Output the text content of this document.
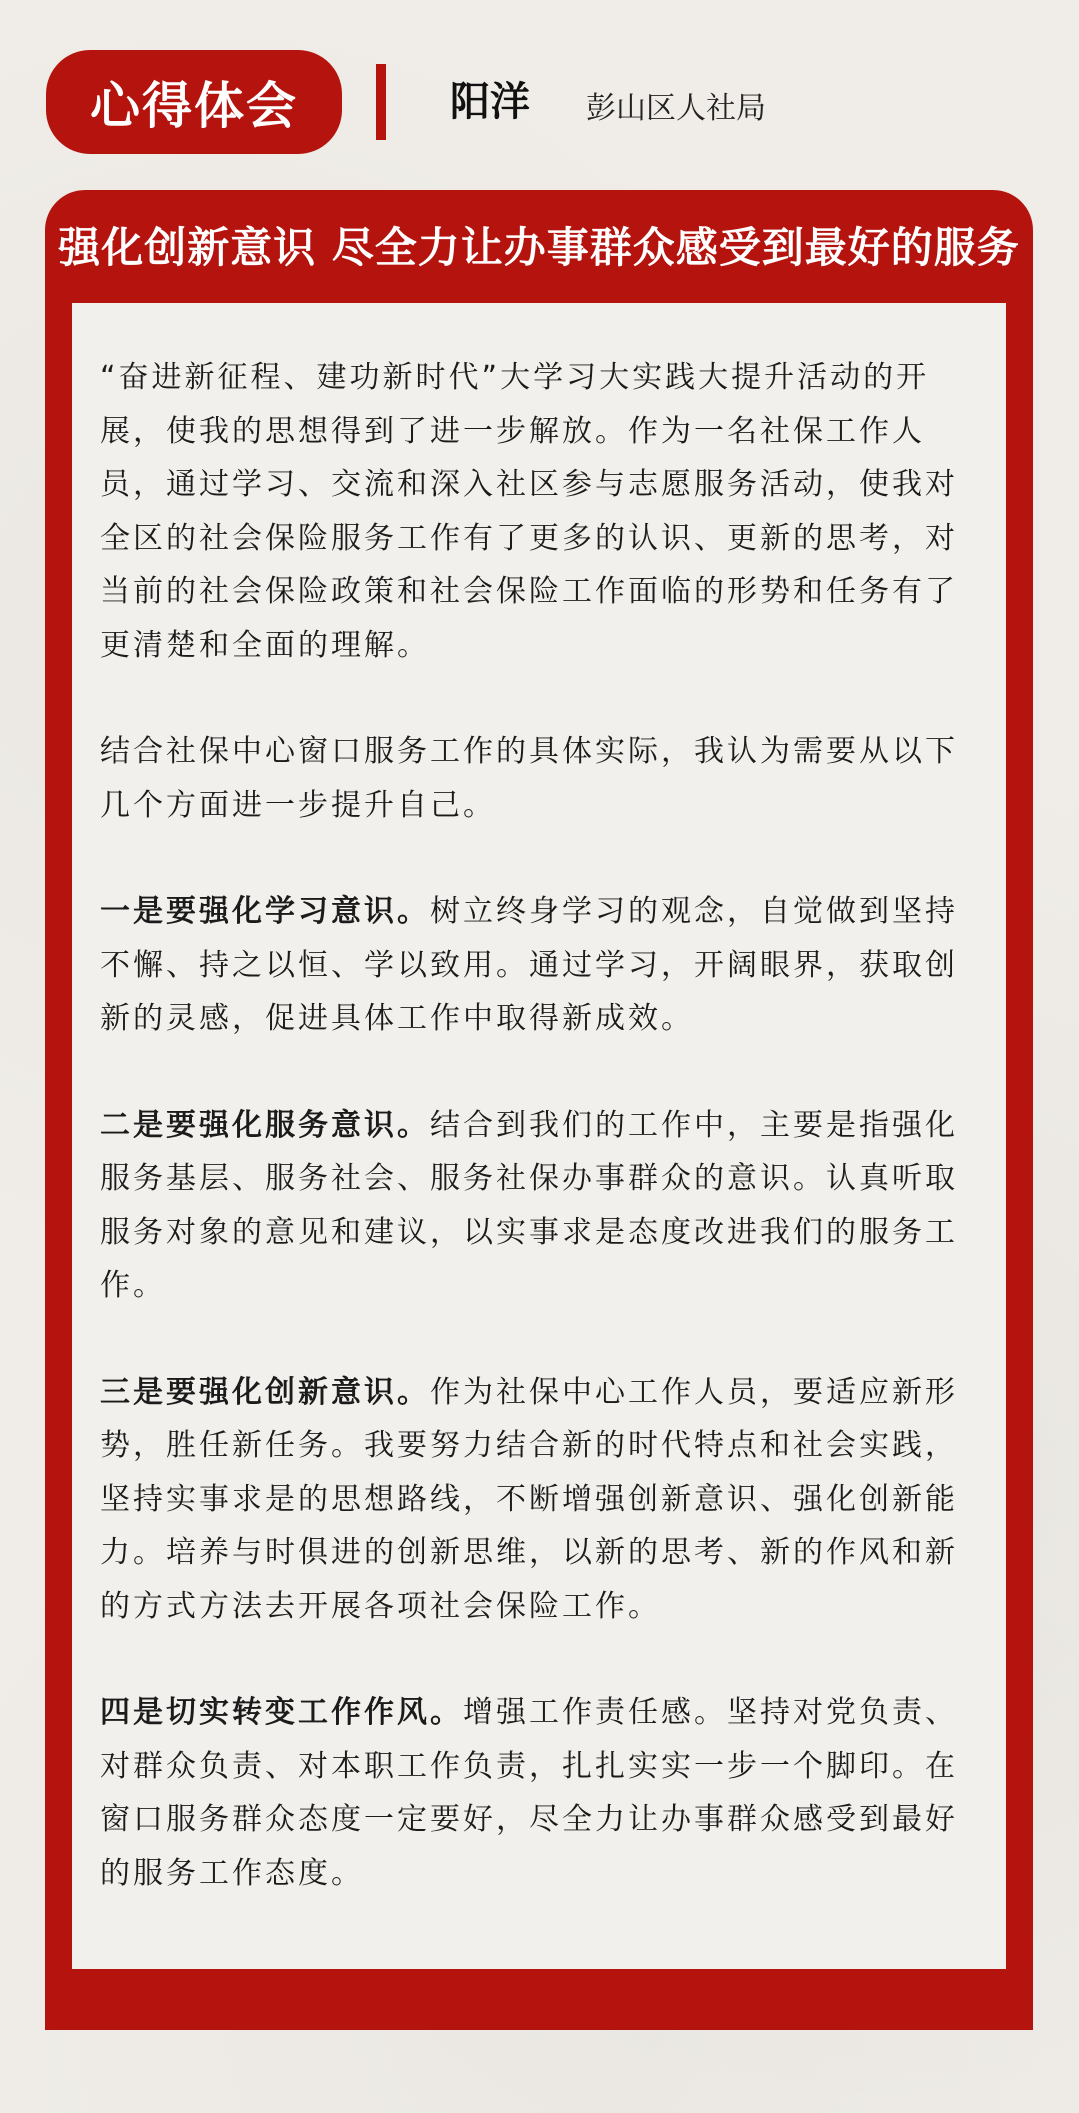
心得体会	阳洋 彭山区人社局
强化创新意识 尽全力让办事群众感受到最好的服务

“奋进新征程、建功新时代”大学习大实践大提升活动的开展，使我的思想得到了进一步解放。作为一名社保工作人员，通过学习、交流和深入社区参与志愿服务活动，使我对全区的社会保险服务工作有了更多的认识、更新的思考，对当前的社会保险政策和社会保险工作面临的形势和任务有了更清楚和全面的理解。

结合社保中心窗口服务工作的具体实际，我认为需要从以下几个方面进一步提升自己。

一是要强化学习意识。树立终身学习的观念，自觉做到坚持不懈、持之以恒、学以致用。通过学习，开阔眼界，获取创新的灵感，促进具体工作中取得新成效。

二是要强化服务意识。结合到我们的工作中，主要是指强化服务基层、服务社会、服务社保办事群众的意识。认真听取服务对象的意见和建议，以实事求是态度改进我们的服务工作。

三是要强化创新意识。作为社保中心工作人员，要适应新形势，胜任新任务。我要努力结合新的时代特点和社会实践，坚持实事求是的思想路线，不断增强创新意识、强化创新能力。培养与时俱进的创新思维，以新的思考、新的作风和新的方式方法去开展各项社会保险工作。

四是切实转变工作作风。增强工作责任感。坚持对党负责、对群众负责、对本职工作负责，扎扎实实一步一个脚印。在窗口服务群众态度一定要好，尽全力让办事群众感受到最好的服务工作态度。
